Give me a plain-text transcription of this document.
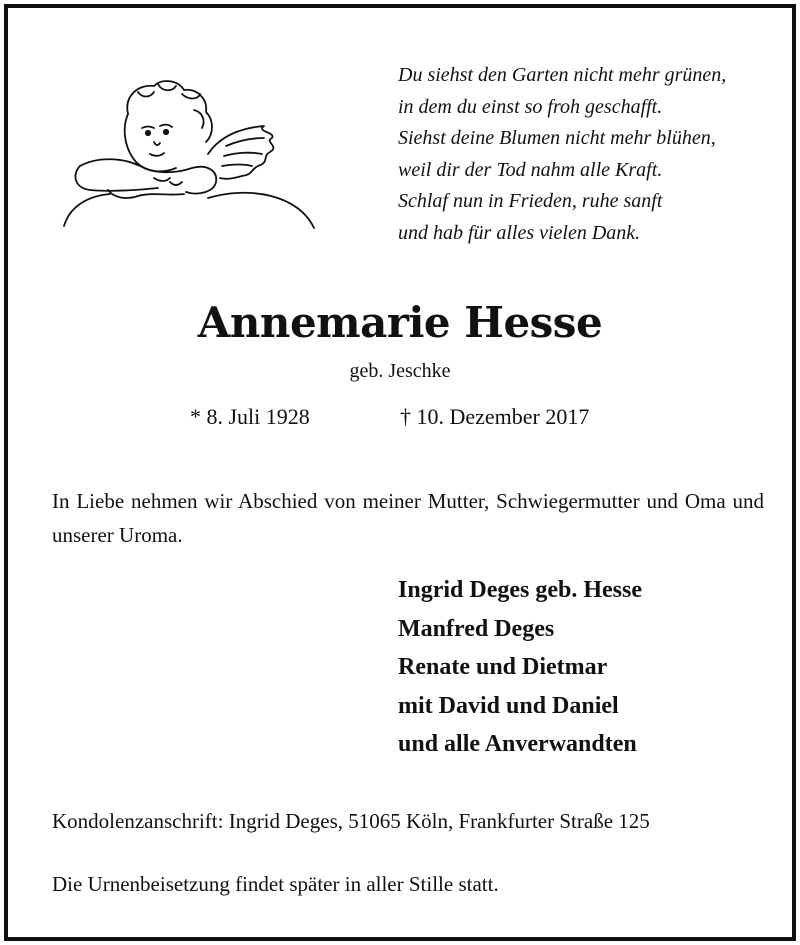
Du siehst den Garten nicht mehr grünen,
in dem du einst so froh geschafft.
Siehst deine Blumen nicht mehr blühen,
weil dir der Tod nahm alle Kraft.
Schlaf nun in Frieden, ruhe sanft
und hab für alles vielen Dank.
Annemarie Hesse
geb. Jeschke
* 8. Juli 1928	† 10. Dezember 2017
In Liebe nehmen wir Abschied von meiner Mutter, Schwiegermutter und Oma und unserer Uroma.
Ingrid Deges geb. Hesse
Manfred Deges
Renate und Dietmar
mit David und Daniel
und alle Anverwandten
Kondolenzanschrift: Ingrid Deges, 51065 Köln, Frankfurter Straße 125
Die Urnenbeisetzung findet später in aller Stille statt.
